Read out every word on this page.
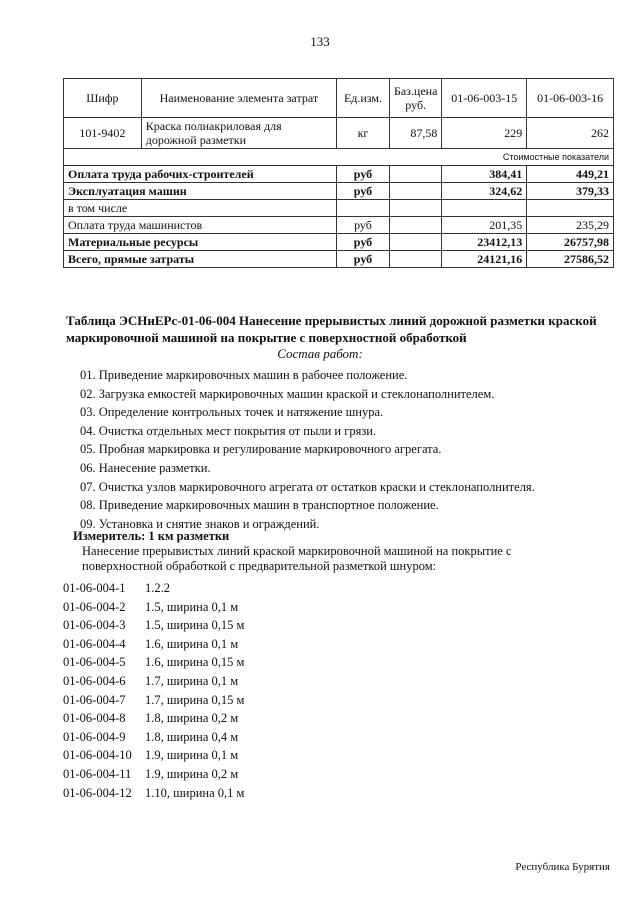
133
Шифр	Наименование элемента затрат	Ед.изм.	Баз.цена руб.	01-06-003-15	01-06-003-16
101-9402	Краска полиакриловая для дорожной разметки	кг	87,58	229	262
Стоимостные показатели					
Оплата труда рабочих-строителей		руб		384,41	449,21
Эксплуатация машин		руб		324,62	379,33
в том числе					
Оплата труда машинистов		руб		201,35	235,29
Материальные ресурсы		руб		23412,13	26757,98
Всего, прямые затраты		руб		24121,16	27586,52
Таблица ЭСНиЕРс-01-06-004 Нанесение прерывистых линий дорожной разметки краской маркировочной машиной на покрытие с поверхностной обработкой
Состав работ:
01. Приведение маркировочных машин в рабочее положение.
02. Загрузка емкостей маркировочных машин краской и стеклонаполнителем.
03. Определение контрольных точек и натяжение шнура.
04. Очистка отдельных мест покрытия от пыли и грязи.
05. Пробная маркировка и регулирование маркировочного агрегата.
06. Нанесение разметки.
07. Очистка узлов маркировочного агрегата от остатков краски и стеклонаполнителя.
08. Приведение маркировочных машин в транспортное положение.
09. Установка и снятие знаков и ограждений.
Измеритель: 1 км разметки
Нанесение прерывистых линий краской маркировочной машиной на покрытие с поверхностной обработкой с предварительной разметкой шнуром:
01-06-004-1 1.2.2
01-06-004-2 1.5, ширина 0,1 м
01-06-004-3 1.5, ширина 0,15 м
01-06-004-4 1.6, ширина 0,1 м
01-06-004-5 1.6, ширина 0,15 м
01-06-004-6 1.7, ширина 0,1 м
01-06-004-7 1.7, ширина 0,15 м
01-06-004-8 1.8, ширина 0,2 м
01-06-004-9 1.8, ширина 0,4 м
01-06-004-10 1.9, ширина 0,1 м
01-06-004-11 1.9, ширина 0,2 м
01-06-004-12 1.10, ширина 0,1 м
Республика Бурятия
